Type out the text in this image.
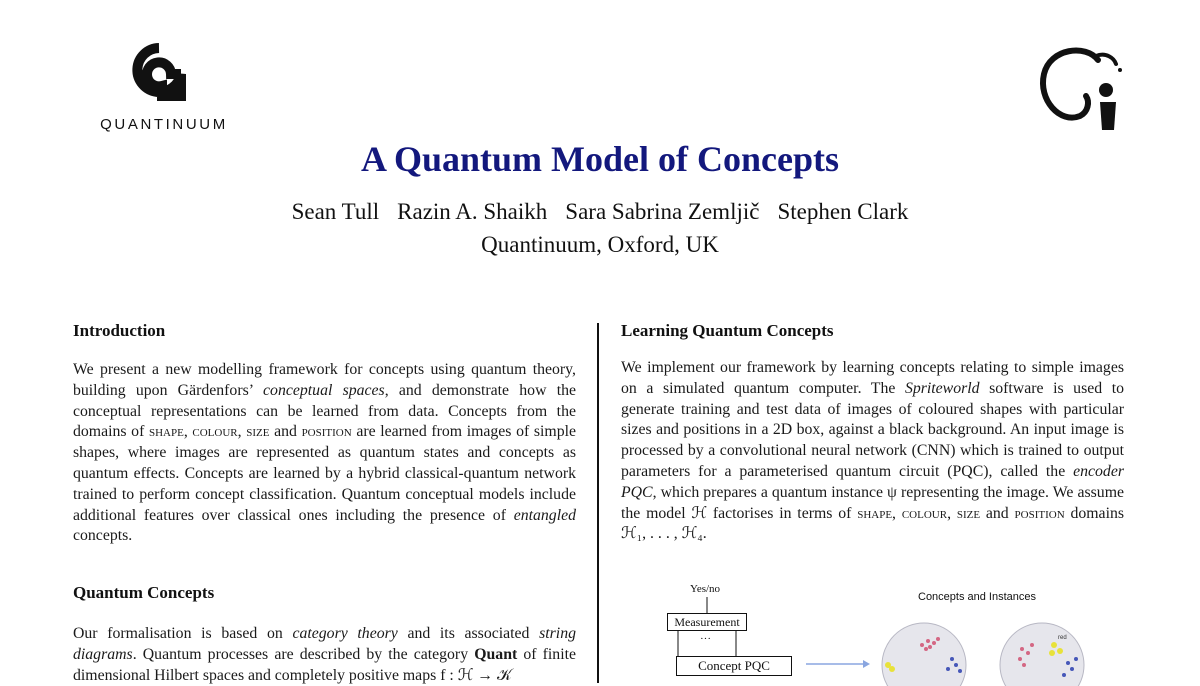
QUANTINUUM
A Quantum Model of Concepts
Sean Tull Razin A. Shaikh Sara Sabrina Zemljič Stephen Clark
Quantinuum, Oxford, UK
Introduction

We present a new modelling framework for concepts using quantum theory, building upon Gärdenfors’ conceptual spaces, and demonstrate how the conceptual representations can be learned from data. Concepts from the domains of shape, colour, size and position are learned from images of simple shapes, where images are represented as quantum states and concepts as quantum effects. Concepts are learned by a hybrid classical-quantum network trained to perform concept classification. Quantum conceptual models include additional features over classical ones including the presence of entangled concepts.

Quantum Concepts

Our formalisation is based on category theory and its associated string diagrams. Quantum processes are described by the category Quant of finite dimensional Hilbert spaces and completely positive maps f : ℋ → 𝒦

Learning Quantum Concepts

We implement our framework by learning concepts relating to simple images on a simulated quantum computer. The Spriteworld software is used to generate training and test data of images of coloured shapes with particular sizes and positions in a 2D box, against a black background. An input image is processed by a convolutional neural network (CNN) which is trained to output parameters for a parameterised quantum circuit (PQC), called the encoder PQC, which prepares a quantum instance ψ representing the image. We assume the model ℋ factorises in terms of shape, colour, size and position domains ℋ₁, . . . , ℋ₄.

Yes/no
Measurement
···
Concept PQC
Concepts and Instances
red
